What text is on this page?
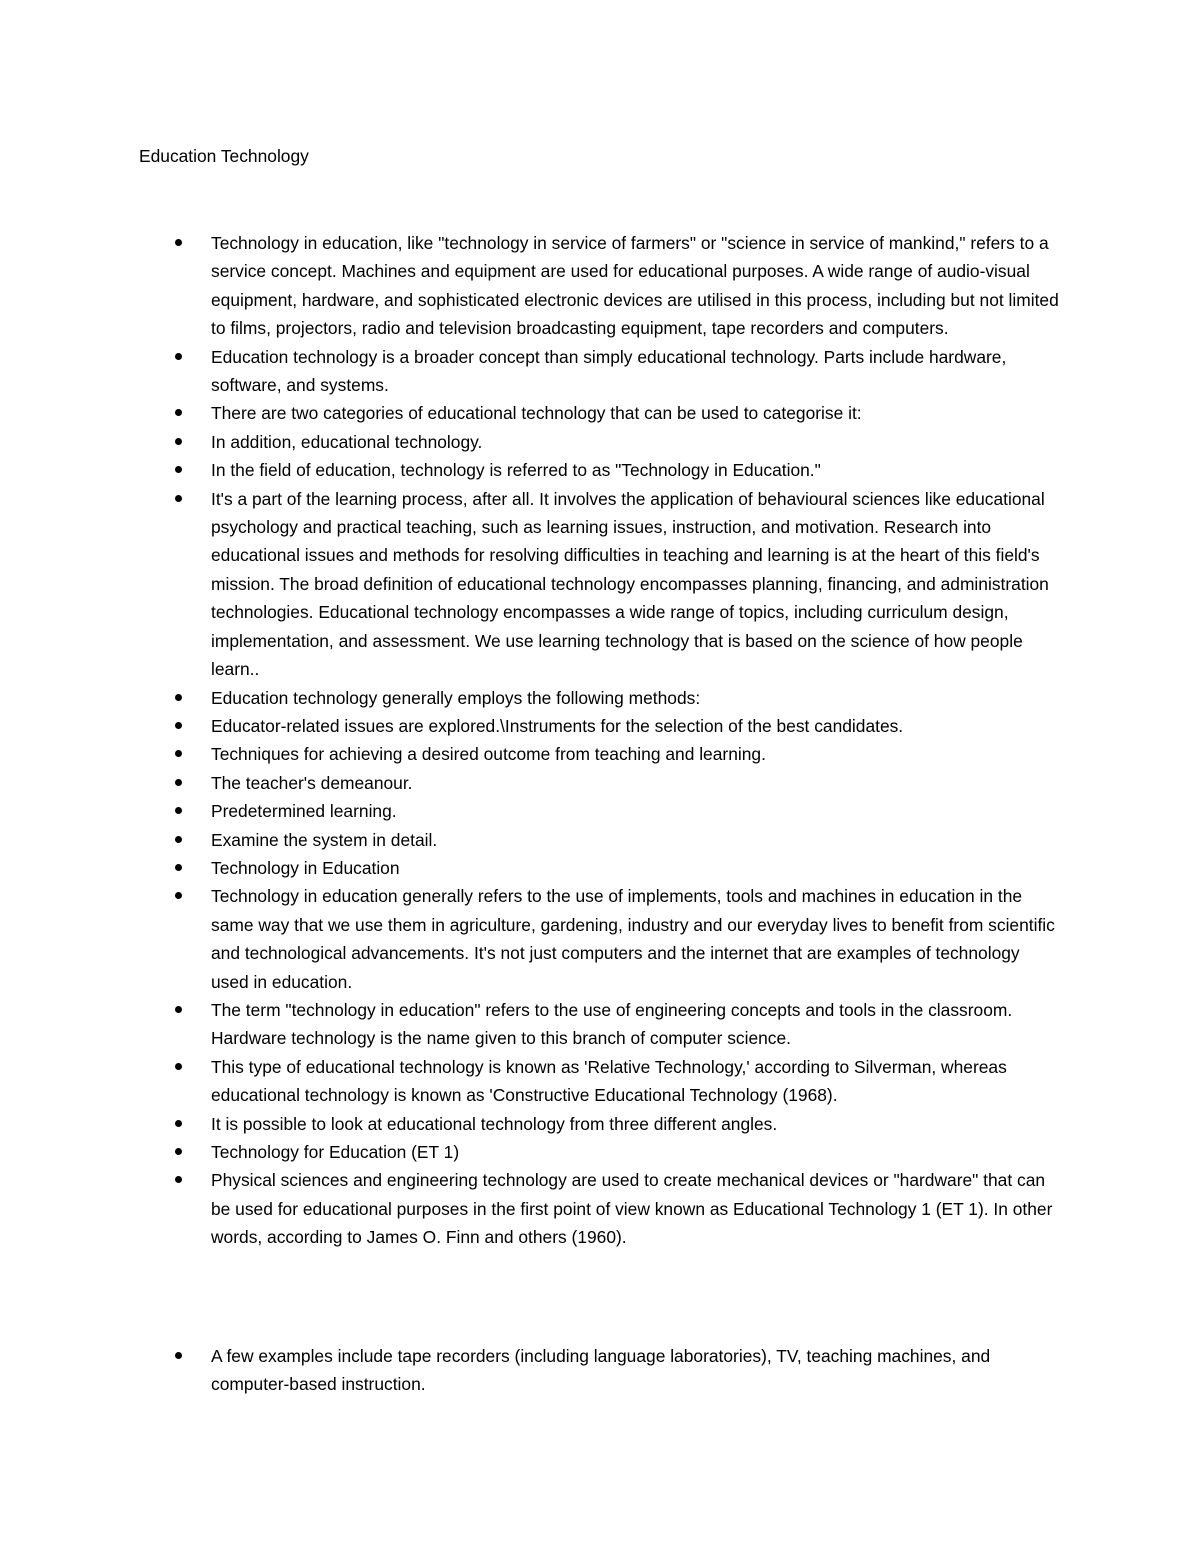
Education Technology
Technology in education, like "technology in service of farmers" or "science in service of mankind," refers to a service concept. Machines and equipment are used for educational purposes. A wide range of audio-visual equipment, hardware, and sophisticated electronic devices are utilised in this process, including but not limited to films, projectors, radio and television broadcasting equipment, tape recorders and computers.
Education technology is a broader concept than simply educational technology. Parts include hardware, software, and systems.
There are two categories of educational technology that can be used to categorise it:
In addition, educational technology.
In the field of education, technology is referred to as "Technology in Education."
It's a part of the learning process, after all. It involves the application of behavioural sciences like educational psychology and practical teaching, such as learning issues, instruction, and motivation. Research into educational issues and methods for resolving difficulties in teaching and learning is at the heart of this field's mission. The broad definition of educational technology encompasses planning, financing, and administration technologies. Educational technology encompasses a wide range of topics, including curriculum design, implementation, and assessment. We use learning technology that is based on the science of how people learn..
Education technology generally employs the following methods:
Educator-related issues are explored.\Instruments for the selection of the best candidates.
Techniques for achieving a desired outcome from teaching and learning.
The teacher's demeanour.
Predetermined learning.
Examine the system in detail.
Technology in Education
Technology in education generally refers to the use of implements, tools and machines in education in the same way that we use them in agriculture, gardening, industry and our everyday lives to benefit from scientific and technological advancements. It's not just computers and the internet that are examples of technology used in education.
The term "technology in education" refers to the use of engineering concepts and tools in the classroom. Hardware technology is the name given to this branch of computer science.
This type of educational technology is known as 'Relative Technology,' according to Silverman, whereas educational technology is known as 'Constructive Educational Technology (1968).
It is possible to look at educational technology from three different angles.
Technology for Education (ET 1)
Physical sciences and engineering technology are used to create mechanical devices or "hardware" that can be used for educational purposes in the first point of view known as Educational Technology 1 (ET 1). In other words, according to James O. Finn and others (1960).
A few examples include tape recorders (including language laboratories), TV, teaching machines, and computer-based instruction.
